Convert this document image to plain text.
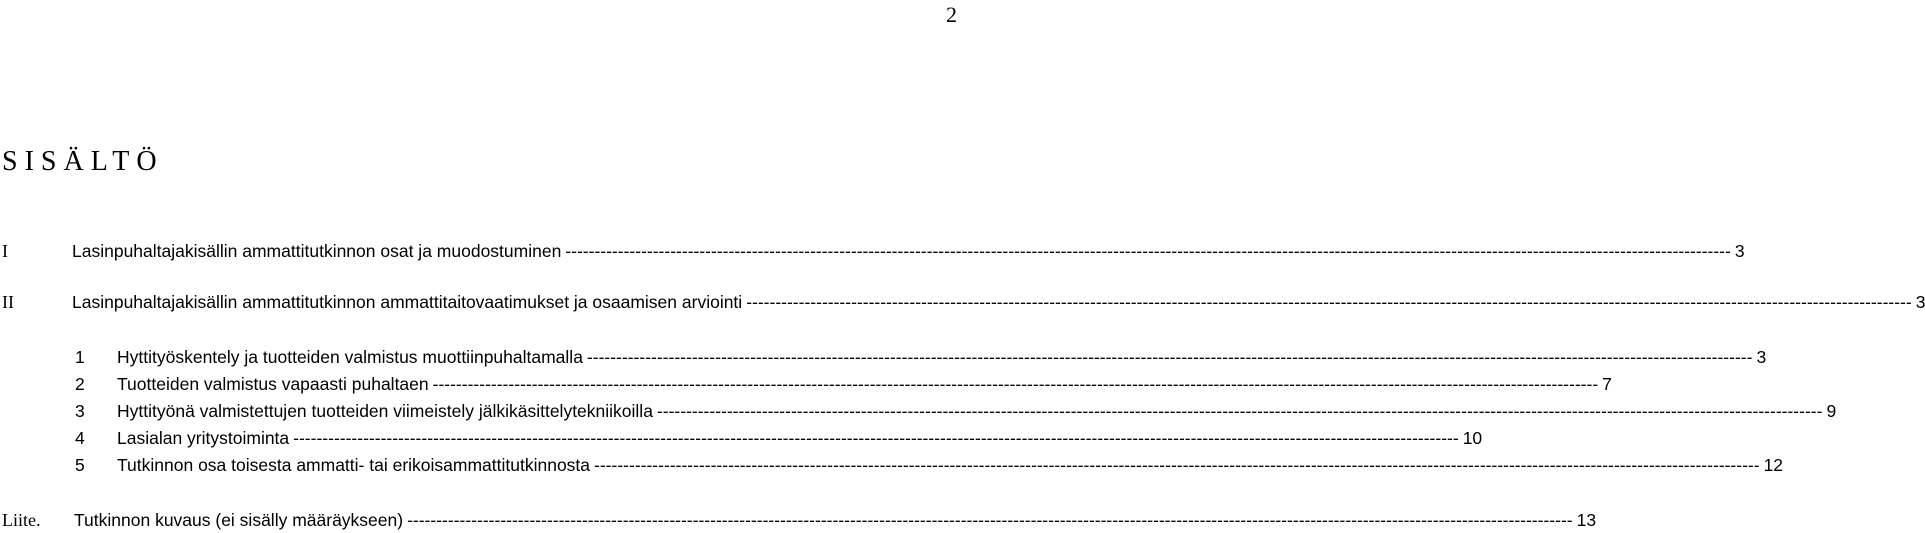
2
SISÄLTÖ
I	Lasinpuhaltajakisällin ammattitutkinnon osat ja muodostuminen -------------------------------------------------------------------------------------------------------------------------------------------------------------------------------------------------------- 3
II	Lasinpuhaltajakisällin ammattitutkinnon ammattitaitovaatimukset ja osaamisen arviointi -------------------------------------------------------------------------------------------------------------------------------------------------------------------------------------------------------- 3
1 Hyttityöskentely ja tuotteiden valmistus muottiinpuhaltamalla -------------------------------------------------------------------------------------------------------------------------------------------------------------------------------------------------------- 3
2 Tuotteiden valmistus vapaasti puhaltaen -------------------------------------------------------------------------------------------------------------------------------------------------------------------------------------------------------- 7
3 Hyttityönä valmistettujen tuotteiden viimeistely jälkikäsittelytekniikoilla -------------------------------------------------------------------------------------------------------------------------------------------------------------------------------------------------------- 9
4 Lasialan yritystoiminta -------------------------------------------------------------------------------------------------------------------------------------------------------------------------------------------------------- 10
5 Tutkinnon osa toisesta ammatti- tai erikoisammattitutkinnosta -------------------------------------------------------------------------------------------------------------------------------------------------------------------------------------------------------- 12
Liite. Tutkinnon kuvaus (ei sisälly määräykseen) -------------------------------------------------------------------------------------------------------------------------------------------------------------------------------------------------------- 13
